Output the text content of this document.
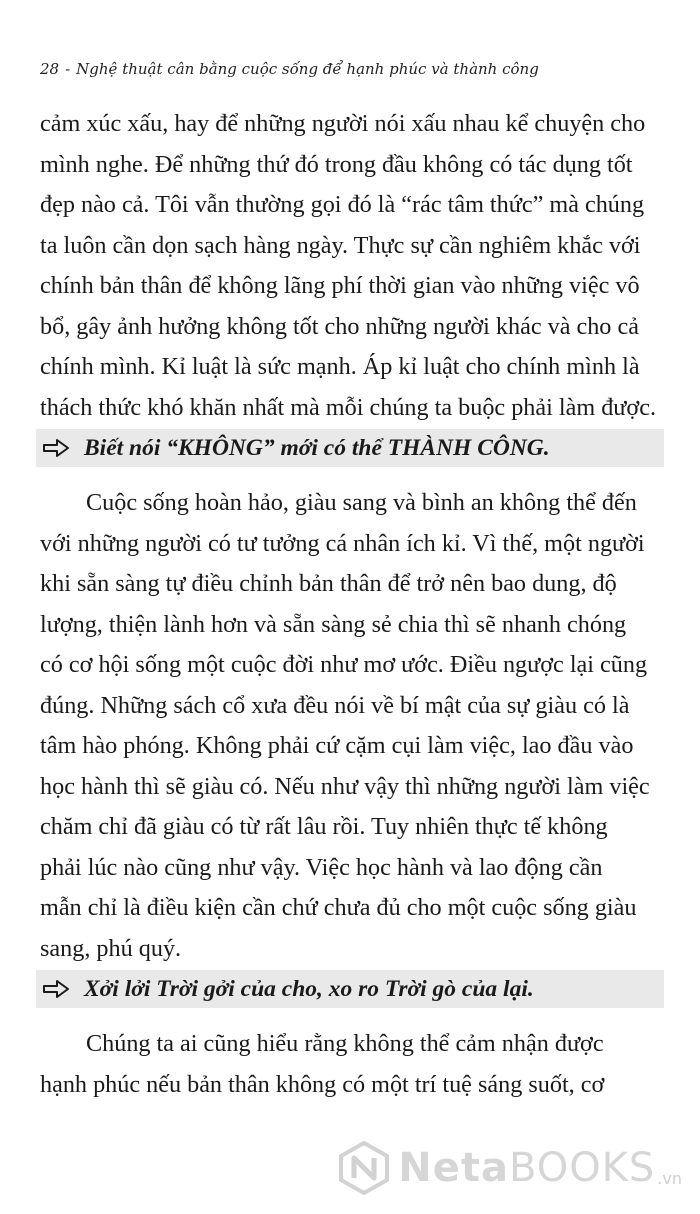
28 - Nghệ thuật cân bằng cuộc sống để hạnh phúc và thành công
cảm xúc xấu, hay để những người nói xấu nhau kể chuyện cho
mình nghe. Để những thứ đó trong đầu không có tác dụng tốt
đẹp nào cả. Tôi vẫn thường gọi đó là “rác tâm thức” mà chúng
ta luôn cần dọn sạch hàng ngày. Thực sự cần nghiêm khắc với
chính bản thân để không lãng phí thời gian vào những việc vô
bổ, gây ảnh hưởng không tốt cho những người khác và cho cả
chính mình. Kỉ luật là sức mạnh. Áp kỉ luật cho chính mình là
thách thức khó khăn nhất mà mỗi chúng ta buộc phải làm được.
Biết nói “KHÔNG” mới có thể THÀNH CÔNG.
Cuộc sống hoàn hảo, giàu sang và bình an không thể đến
với những người có tư tưởng cá nhân ích kỉ. Vì thế, một người
khi sẵn sàng tự điều chỉnh bản thân để trở nên bao dung, độ
lượng, thiện lành hơn và sẵn sàng sẻ chia thì sẽ nhanh chóng
có cơ hội sống một cuộc đời như mơ ước. Điều ngược lại cũng
đúng. Những sách cổ xưa đều nói về bí mật của sự giàu có là
tâm hào phóng. Không phải cứ cặm cụi làm việc, lao đầu vào
học hành thì sẽ giàu có. Nếu như vậy thì những người làm việc
chăm chỉ đã giàu có từ rất lâu rồi. Tuy nhiên thực tế không
phải lúc nào cũng như vậy. Việc học hành và lao động cần
mẫn chỉ là điều kiện cần chứ chưa đủ cho một cuộc sống giàu
sang, phú quý.
Xởi lởi Trời gởi của cho, xo ro Trời gò của lại.
Chúng ta ai cũng hiểu rằng không thể cảm nhận được
hạnh phúc nếu bản thân không có một trí tuệ sáng suốt, cơ
NetaBOOKS .vn
